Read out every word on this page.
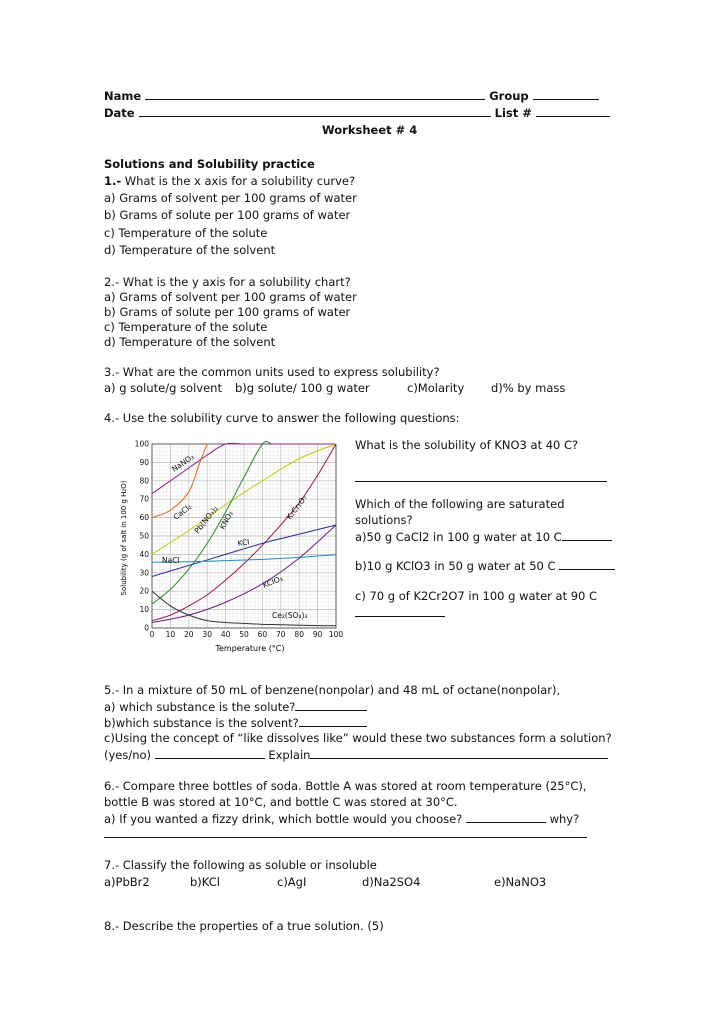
Name	Group
Date	List #
Worksheet # 4
Solutions and Solubility practice
1.- What is the x axis for a solubility curve?
a) Grams of solvent per 100 grams of water
b) Grams of solute per 100 grams of water
c) Temperature of the solute
d) Temperature of the solvent
2.- What is the y axis for a solubility chart?
a) Grams of solvent per 100 grams of water
b) Grams of solute per 100 grams of water
c) Temperature of the solute
d) Temperature of the solvent
3.- What are the common units used to express solubility?
a) g solute/g solvent b)g solute/ 100 g water	c)Molarity d)% by mass
4.- Use the solubility curve to answer the following questions:
0 10 20 30 40 50 60 70 80 90 100
0
10
20
30
40
50
60
70
80
90
100
NaNO₃
CaCl₂ Pb(NO₃)₂
KNO₃	K₂Cr₂O₇
KCl
NaCl
KClO₃
Ce₂(SO₄)₃
Temperature (°C)
Solubility (g of salt in 100 g H₂O)
What is the solubility of KNO3 at 40 C?
Which of the following are saturated
solutions?
a)50 g CaCl2 in 100 g water at 10 C
b)10 g KClO3 in 50 g water at 50 C
c) 70 g of K2Cr2O7 in 100 g water at 90 C
5.- In a mixture of 50 mL of benzene(nonpolar) and 48 mL of octane(nonpolar),
a) which substance is the solute?
b)which substance is the solvent?
c)Using the concept of “like dissolves like” would these two substances form a solution?
(yes/no)	Explain
6.- Compare three bottles of soda. Bottle A was stored at room temperature (25°C),
bottle B was stored at 10°C, and bottle C was stored at 30°C.
a) If you wanted a fizzy drink, which bottle would you choose?	why?
7.- Classify the following as soluble or insoluble
a)PbBr2	b)KCl	c)AgI	d)Na2SO4	e)NaNO3
8.- Describe the properties of a true solution. (5)
